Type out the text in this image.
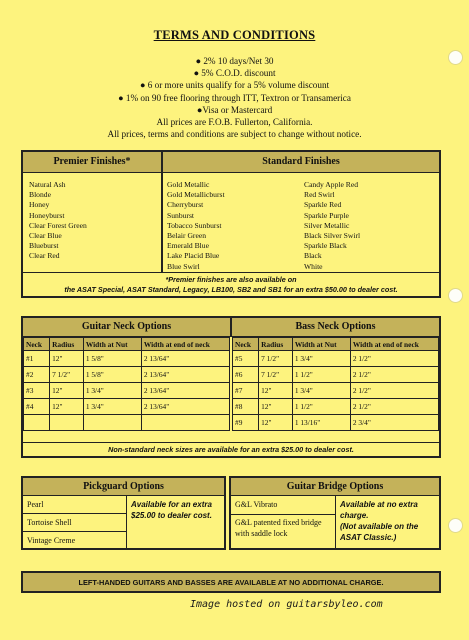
TERMS AND CONDITIONS
● 2% 10 days/Net 30
● 5% C.O.D. discount
● 6 or more units qualify for a 5% volume discount
● 1% on 90 free flooring through ITT, Textron or Transamerica
●Visa or Mastercard
All prices are F.O.B. Fullerton, California.
All prices, terms and conditions are subject to change without notice.
Premier Finishes*	Standard Finishes
Natural Ash
Blonde
Honey
Honeyburst
Clear Forest Green
Clear Blue
Blueburst
Clear Red
Gold Metallic
Gold Metallicburst
Cherryburst
Sunburst
Tobacco Sunburst
Belair Green
Emerald Blue
Lake Placid Blue
Blue Swirl
Candy Apple Red
Red Swirl
Sparkle Red
Sparkle Purple
Silver Metallic
Black Silver Swirl
Sparkle Black
Black
White
*Premier finishes are also available on
the ASAT Special, ASAT Standard, Legacy, LB100, SB2 and SB1 for an extra $50.00 to dealer cost.
Guitar Neck Options	Bass Neck Options
Neck	Radius	Width at Nut	Width at end of neck
#1	12"	1 5/8"	2 13/64"
#2	7 1/2"	1 5/8"	2 13/64"
#3	12"	1 3/4"	2 13/64"
#4	12"	1 3/4"	2 13/64"

Neck	Radius	Width at Nut	Width at end of neck
#5	7 1/2"	1 3/4"	2 1/2"
#6	7 1/2"	1 1/2"	2 1/2"
#7	12"	1 3/4"	2 1/2"
#8	12"	1 1/2"	2 1/2"
#9	12"	1 13/16"	2 3/4"
Non-standard neck sizes are available for an extra $25.00 to dealer cost.
Pickguard Options
Pearl
Tortoise Shell
Vintage Creme
Available for an extra $25.00 to dealer cost.
Guitar Bridge Options
G&L Vibrato
G&L patented fixed bridge with saddle lock
Available at no extra charge.
(Not available on the ASAT Classic.)
LEFT-HANDED GUITARS AND BASSES ARE AVAILABLE AT NO ADDITIONAL CHARGE.
Image hosted on guitarsbyleo.com
